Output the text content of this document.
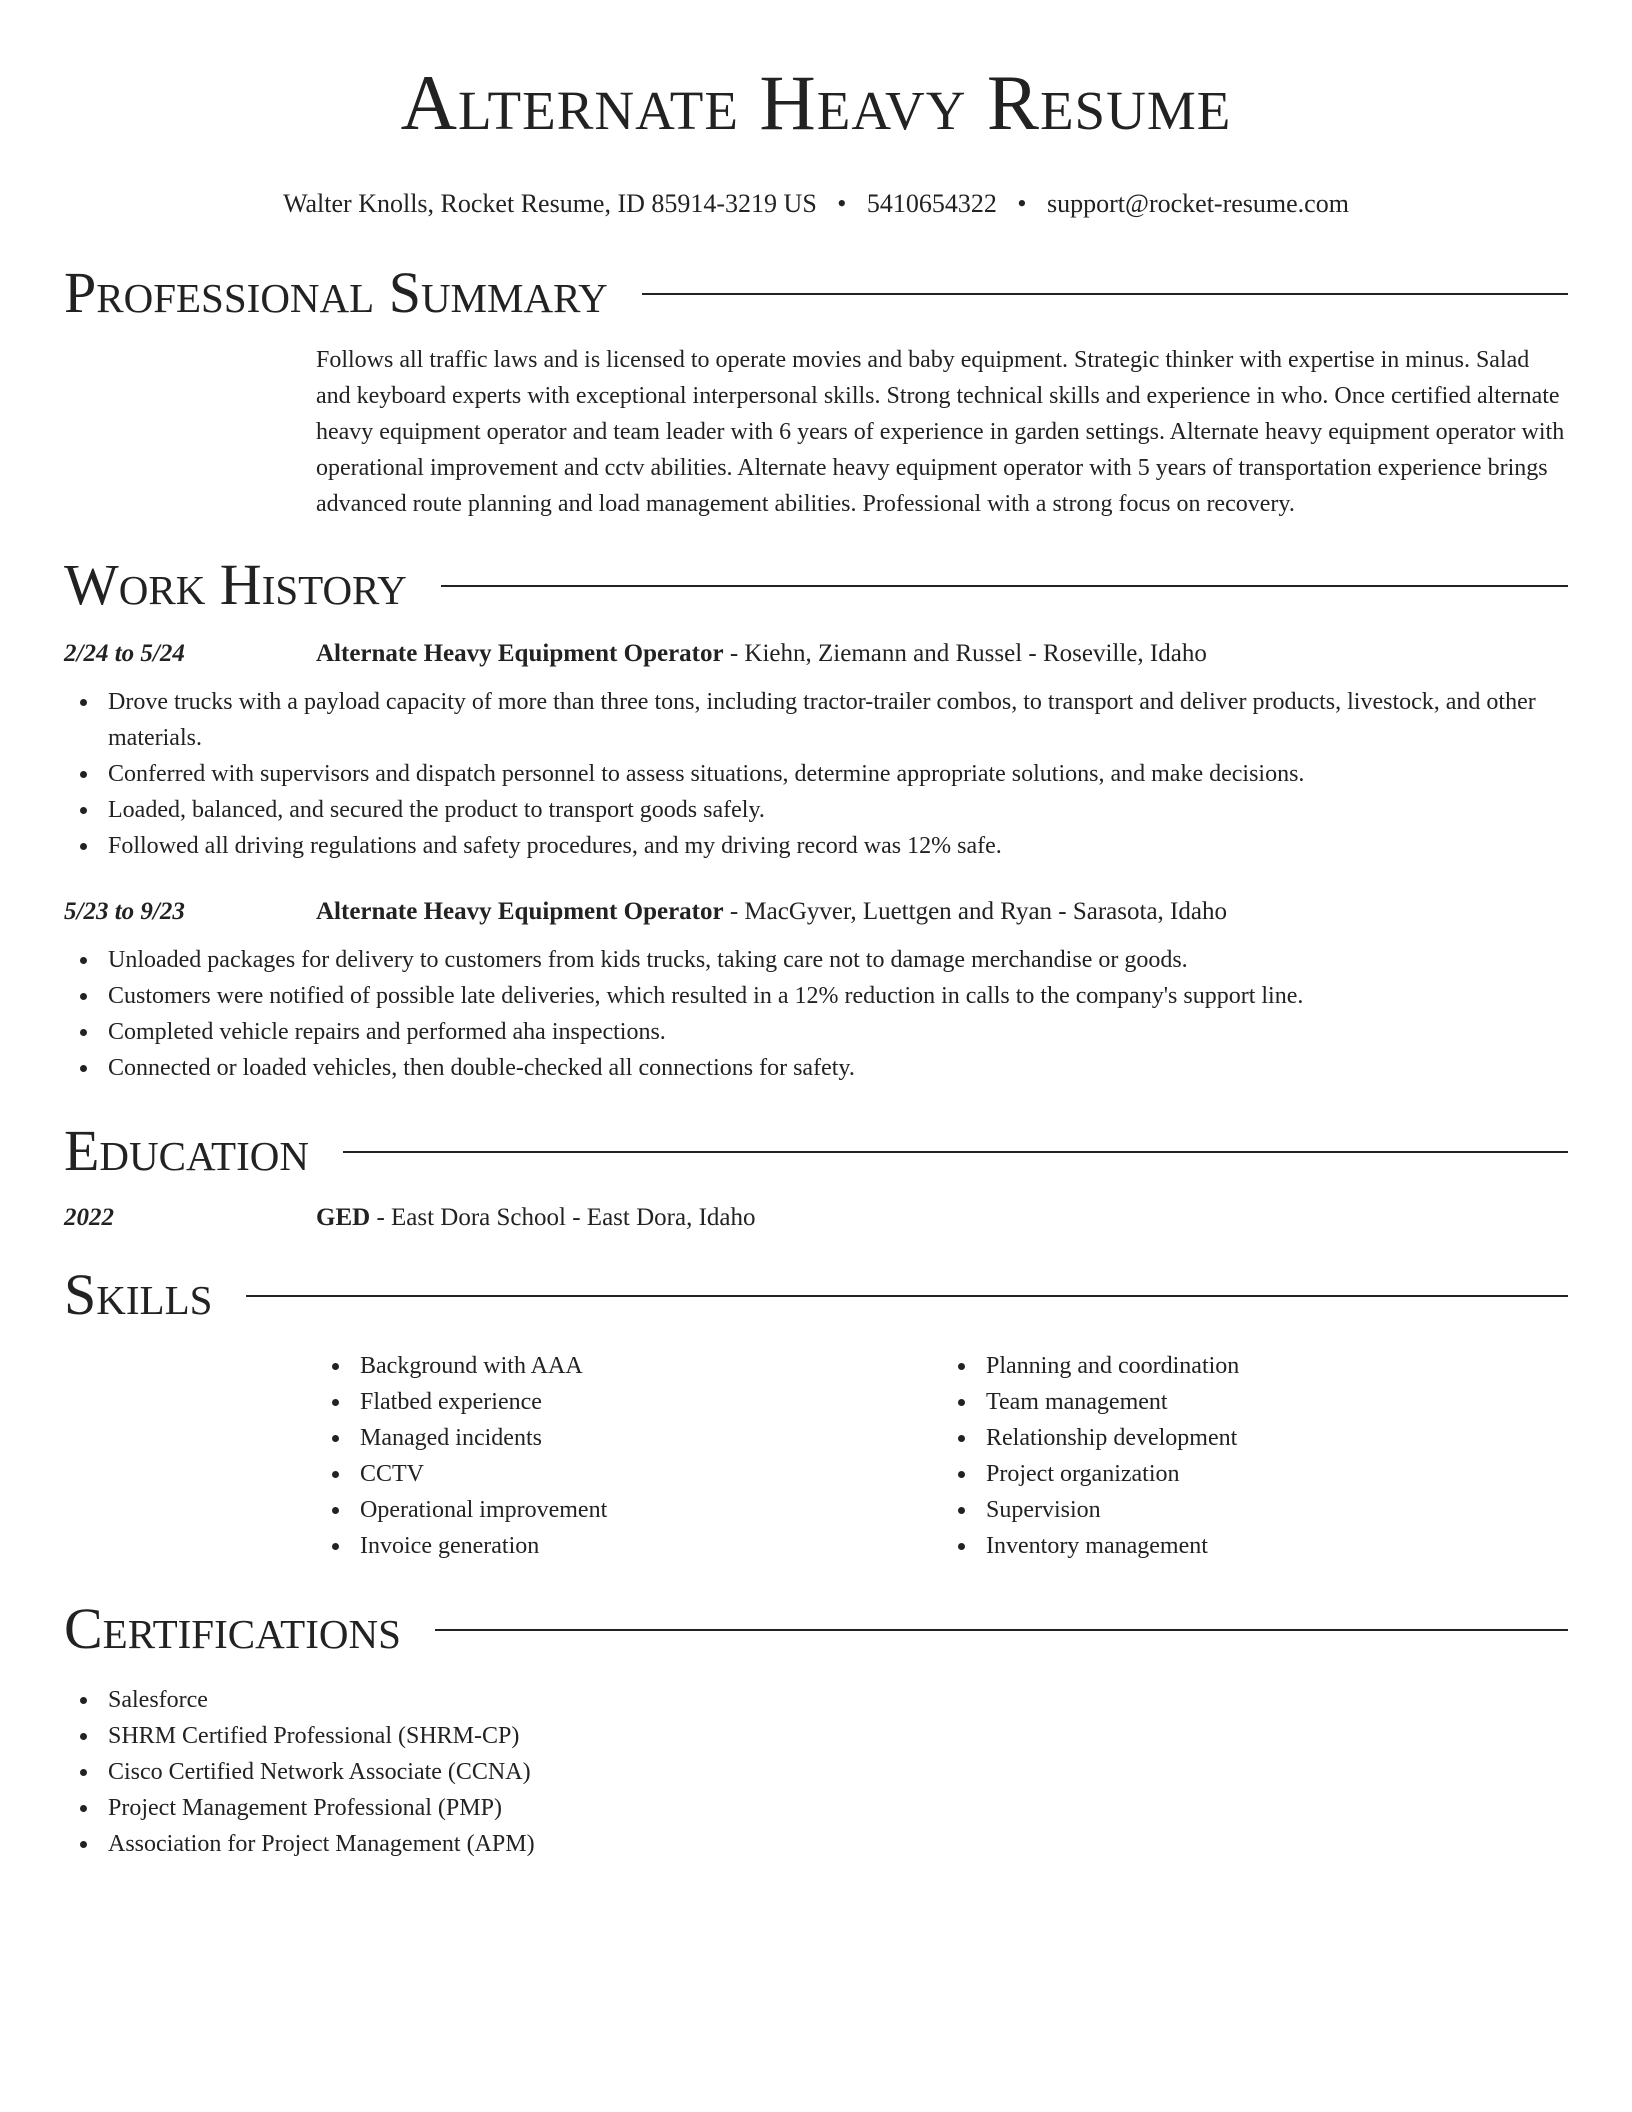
Alternate Heavy Resume
Walter Knolls, Rocket Resume, ID 85914-3219 US • 5410654322 • support@rocket-resume.com
Professional Summary

Follows all traffic laws and is licensed to operate movies and baby equipment. Strategic thinker with expertise in minus. Salad and keyboard experts with exceptional interpersonal skills. Strong technical skills and experience in who. Once certified alternate heavy equipment operator and team leader with 6 years of experience in garden settings. Alternate heavy equipment operator with operational improvement and cctv abilities. Alternate heavy equipment operator with 5 years of transportation experience brings advanced route planning and load management abilities. Professional with a strong focus on recovery.

Work History
2/24 to 5/24	Alternate Heavy Equipment Operator - Kiehn, Ziemann and Russel - Roseville, Idaho
Drove trucks with a payload capacity of more than three tons, including tractor-trailer combos, to transport and deliver products, livestock, and other materials.
Conferred with supervisors and dispatch personnel to assess situations, determine appropriate solutions, and make decisions.
Loaded, balanced, and secured the product to transport goods safely.
Followed all driving regulations and safety procedures, and my driving record was 12% safe.
5/23 to 9/23	Alternate Heavy Equipment Operator - MacGyver, Luettgen and Ryan - Sarasota, Idaho
Unloaded packages for delivery to customers from kids trucks, taking care not to damage merchandise or goods.
Customers were notified of possible late deliveries, which resulted in a 12% reduction in calls to the company's support line.
Completed vehicle repairs and performed aha inspections.
Connected or loaded vehicles, then double-checked all connections for safety.
Education
2022	GED - East Dora School - East Dora, Idaho
Skills
Background with AAA
Flatbed experience
Managed incidents
CCTV
Operational improvement
Invoice generation
Planning and coordination
Team management
Relationship development
Project organization
Supervision
Inventory management
Certifications
Salesforce
SHRM Certified Professional (SHRM-CP)
Cisco Certified Network Associate (CCNA)
Project Management Professional (PMP)
Association for Project Management (APM)
